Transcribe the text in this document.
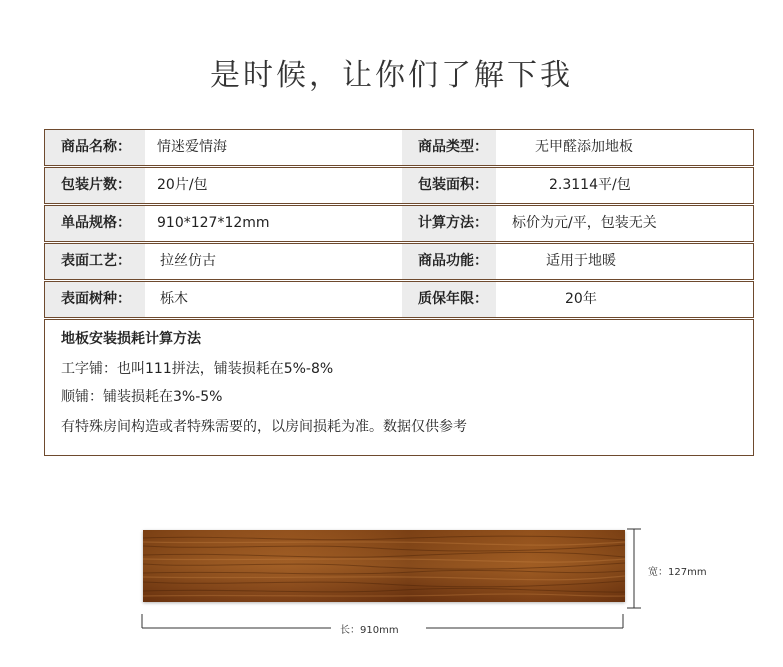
是时候，让你们了解下我
商品名称：	情迷爱情海	商品类型：	无甲醛添加地板
包装片数：	20片/包	包装面积：	2.3114平/包
单品规格：	910*127*12mm	计算方法：	标价为元/平，包装无关
表面工艺：	拉丝仿古	商品功能：	适用于地暖
表面树种：	栎木	质保年限：	20年
地板安装损耗计算方法
工字铺：也叫111拼法，铺装损耗在5%-8%
顺铺：铺装损耗在3%-5%
有特殊房间构造或者特殊需要的，以房间损耗为准。数据仅供参考
宽：127mm
长：910mm
